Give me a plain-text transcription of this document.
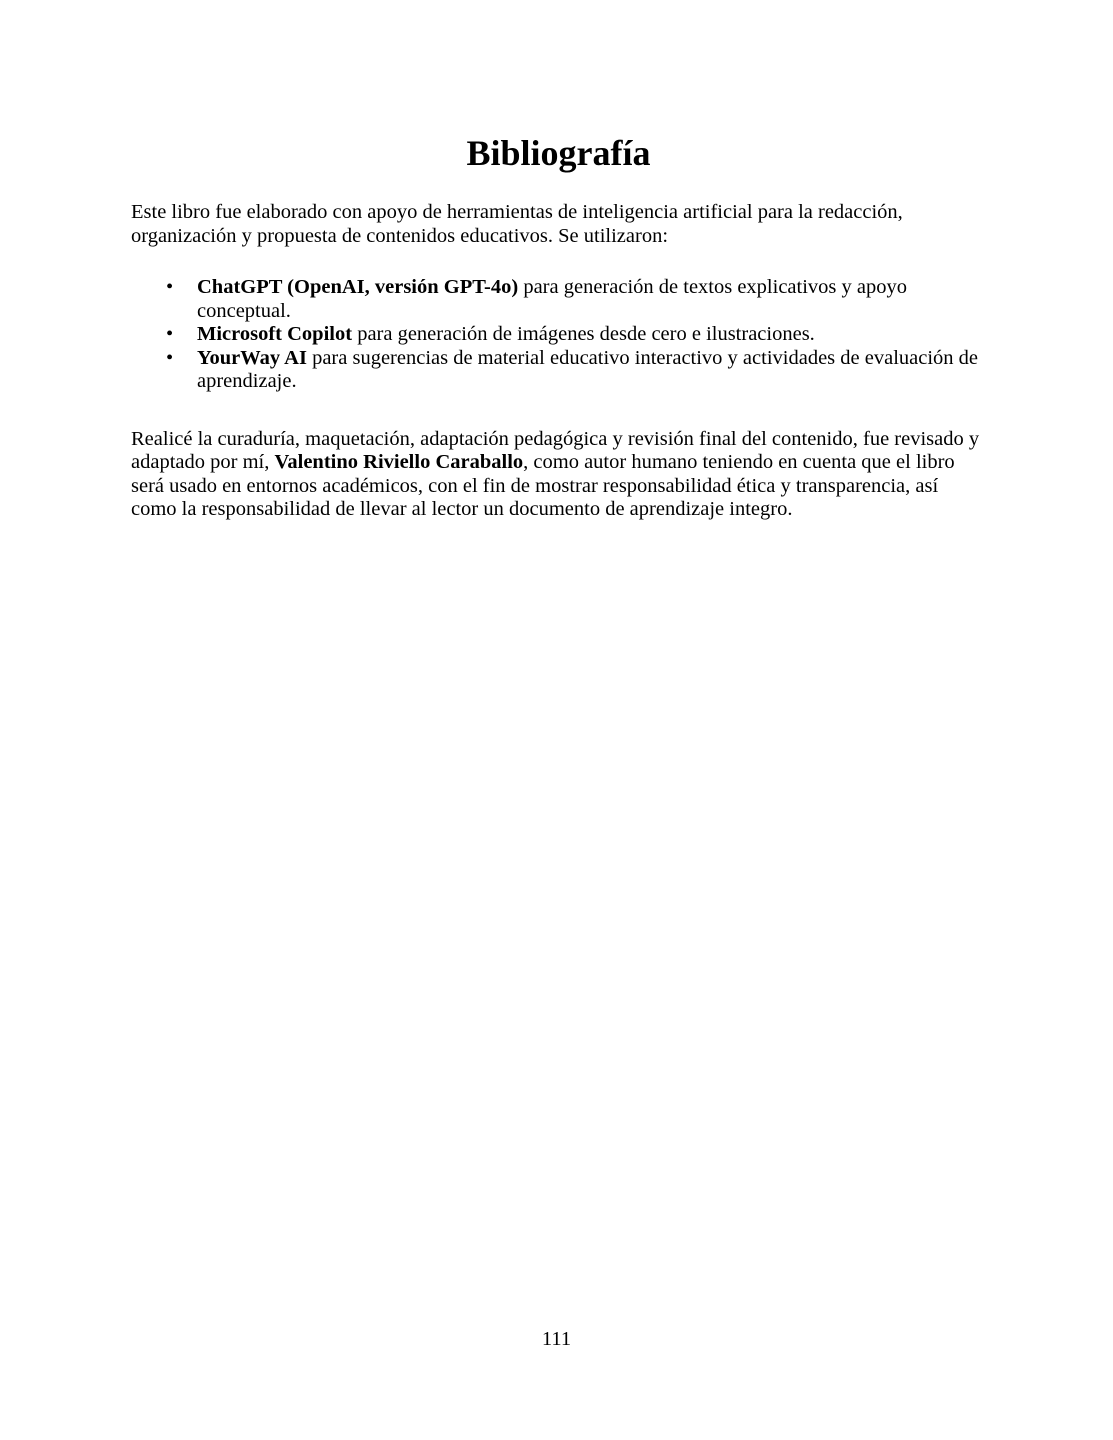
Bibliografía

Este libro fue elaborado con apoyo de herramientas de inteligencia artificial para la redacción, organización y propuesta de contenidos educativos. Se utilizaron:

• ChatGPT (OpenAI, versión GPT-4o) para generación de textos explicativos y apoyo conceptual.
• Microsoft Copilot para generación de imágenes desde cero e ilustraciones.
• YourWay AI para sugerencias de material educativo interactivo y actividades de evaluación de aprendizaje.

Realicé la curaduría, maquetación, adaptación pedagógica y revisión final del contenido, fue revisado y adaptado por mí, Valentino Riviello Caraballo, como autor humano teniendo en cuenta que el libro será usado en entornos académicos, con el fin de mostrar responsabilidad ética y transparencia, así como la responsabilidad de llevar al lector un documento de aprendizaje integro.

111
